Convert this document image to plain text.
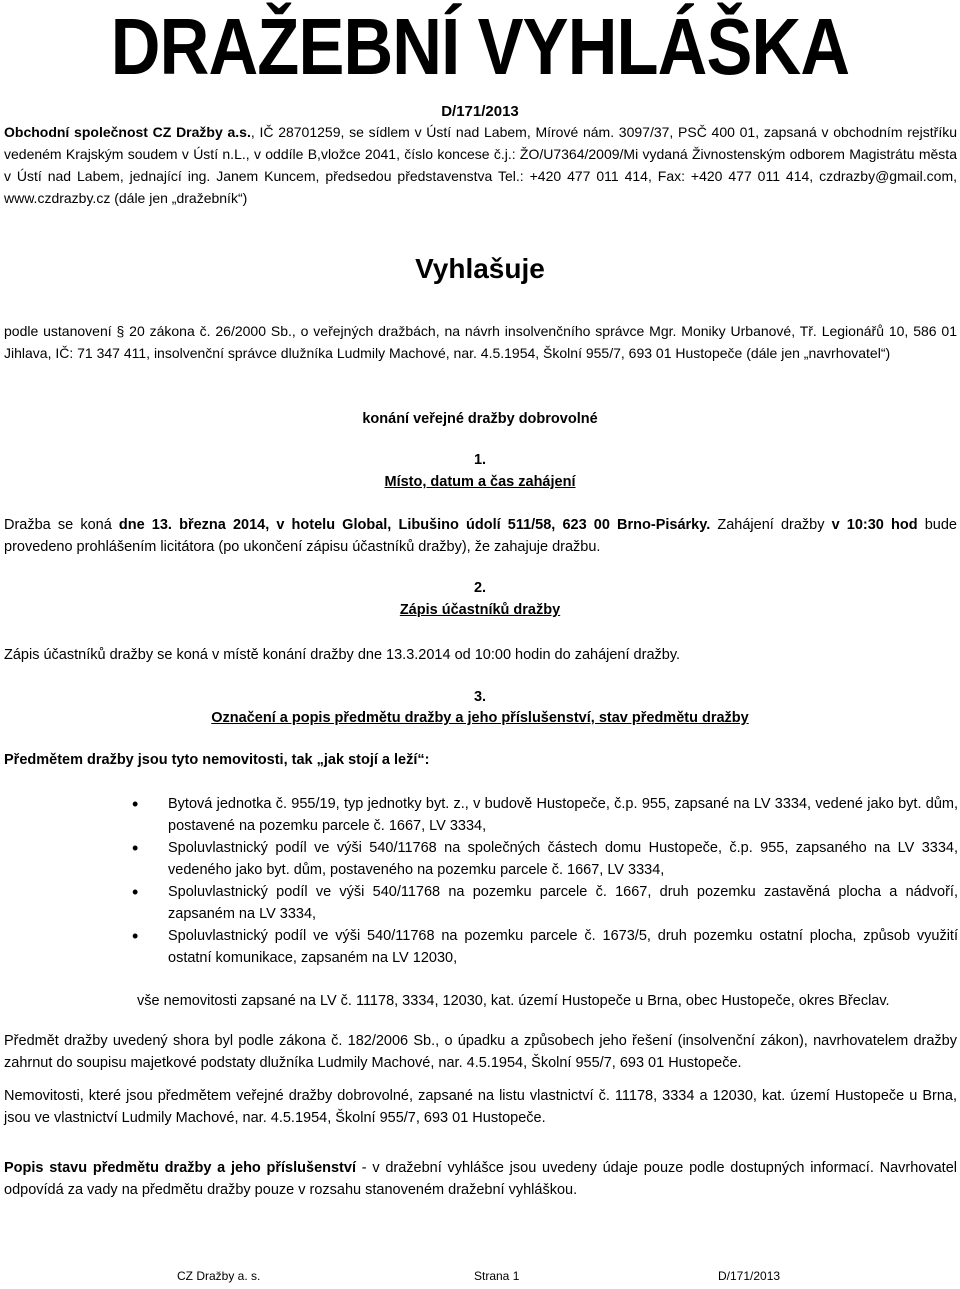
DRAŽEBNÍ VYHLÁŠKA
D/171/2013
Obchodní společnost CZ Dražby a.s., IČ 28701259, se sídlem v Ústí nad Labem, Mírové nám. 3097/37, PSČ 400 01, zapsaná v obchodním rejstříku vedeném Krajským soudem v Ústí n.L., v oddíle B,vložce 2041, číslo koncese č.j.: ŽO/U7364/2009/Mi vydaná Živnostenským odborem Magistrátu města v Ústí nad Labem, jednající ing. Janem Kuncem, předsedou představenstva Tel.: +420 477 011 414, Fax: +420 477 011 414, czdrazby@gmail.com, www.czdrazby.cz (dále jen „dražebník“)
Vyhlašuje
podle ustanovení § 20 zákona č. 26/2000 Sb., o veřejných dražbách, na návrh insolvenčního správce Mgr. Moniky Urbanové, Tř. Legionářů 10, 586 01 Jihlava, IČ: 71 347 411, insolvenční správce dlužníka Ludmily Machové, nar. 4.5.1954, Školní 955/7, 693 01 Hustopeče (dále jen „navrhovatel“)
konání veřejné dražby dobrovolné
1.
Místo, datum a čas zahájení
Dražba se koná dne 13. března 2014, v hotelu Global, Libušino údolí 511/58, 623 00 Brno-Pisárky. Zahájení dražby v 10:30 hod bude provedeno prohlášením licitátora (po ukončení zápisu účastníků dražby), že zahajuje dražbu.
2.
Zápis účastníků dražby
Zápis účastníků dražby se koná v místě konání dražby dne 13.3.2014 od 10:00 hodin do zahájení dražby.
3.
Označení a popis předmětu dražby a jeho příslušenství, stav předmětu dražby
Předmětem dražby jsou tyto nemovitosti, tak „jak stojí a leží“:
• Bytová jednotka č. 955/19, typ jednotky byt. z., v budově Hustopeče, č.p. 955, zapsané na LV 3334, vedené jako byt. dům, postavené na pozemku parcele č. 1667, LV 3334,
• Spoluvlastnický podíl ve výši 540/11768 na společných částech domu Hustopeče, č.p. 955, zapsaného na LV 3334, vedeného jako byt. dům, postaveného na pozemku parcele č. 1667, LV 3334,
• Spoluvlastnický podíl ve výši 540/11768 na pozemku parcele č. 1667, druh pozemku zastavěná plocha a nádvoří, zapsaném na LV 3334,
• Spoluvlastnický podíl ve výši 540/11768 na pozemku parcele č. 1673/5, druh pozemku ostatní plocha, způsob využití ostatní komunikace, zapsaném na LV 12030,
vše nemovitosti zapsané na LV č. 11178, 3334, 12030, kat. území Hustopeče u Brna, obec Hustopeče, okres Břeclav.
Předmět dražby uvedený shora byl podle zákona č. 182/2006 Sb., o úpadku a způsobech jeho řešení (insolvenční zákon), navrhovatelem dražby zahrnut do soupisu majetkové podstaty dlužníka Ludmily Machové, nar. 4.5.1954, Školní 955/7, 693 01 Hustopeče.
Nemovitosti, které jsou předmětem veřejné dražby dobrovolné, zapsané na listu vlastnictví č. 11178, 3334 a 12030, kat. území Hustopeče u Brna, jsou ve vlastnictví Ludmily Machové, nar. 4.5.1954, Školní 955/7, 693 01 Hustopeče.
Popis stavu předmětu dražby a jeho příslušenství - v dražební vyhlášce jsou uvedeny údaje pouze podle dostupných informací. Navrhovatel odpovídá za vady na předmětu dražby pouze v rozsahu stanoveném dražební vyhláškou.
CZ Dražby a. s.	Strana 1	D/171/2013
